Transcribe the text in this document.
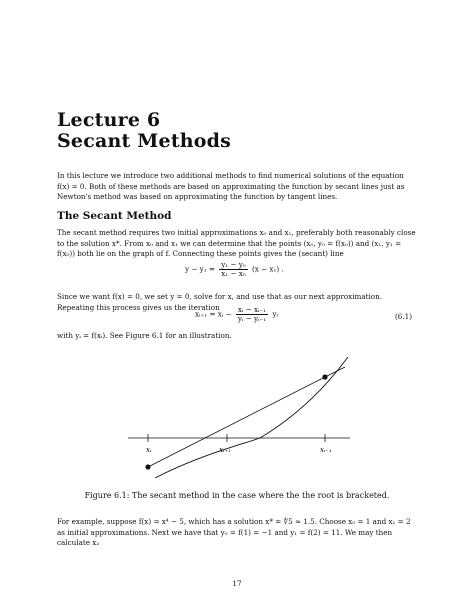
Lecture 6
Secant Methods

In this lecture we introduce two additional methods to find numerical solutions of the equation f(x) = 0. Both of these methods are based on approximating the function by secant lines just as Newton's method was based on approximating the function by tangent lines.

The Secant Method

The secant method requires two initial approximations x₀ and x₁, preferably both reasonably close to the solution x*. From x₀ and x₁ we can determine that the points (x₀, y₀ = f(x₀)) and (x₁, y₁ = f(x₀)) both lie on the graph of f. Connecting these points gives the (secant) line

$y - y_1 = \frac{\text{y₁ − y₀}}{\text{x₁ − x₀}} (x - x_1)$ .

Since we want f(x) = 0, we set y = 0, solve for x, and use that as our next approximation. Repeating this process gives us the iteration

xᵢ₊₁ = xᵢ − $\frac{\text{xᵢ − xᵢ₋₁}}{\text{yᵢ − yᵢ₋₁}}$ yᵢ	(6.1)

with yᵢ = f(xᵢ). See Figure 6.1 for an illustration.

xᵢ	xᵢ₊₁	xᵢ₋₁
Figure 6.1: The secant method in the case where the the root is bracketed.

For example, suppose f(x) = x⁴ − 5, which has a solution x* = ∜5 ≈ 1.5. Choose x₀ = 1 and x₁ = 2 as initial approximations. Next we have that y₀ = f(1) = −1 and y₁ = f(2) = 11. We may then calculate x₂

17
